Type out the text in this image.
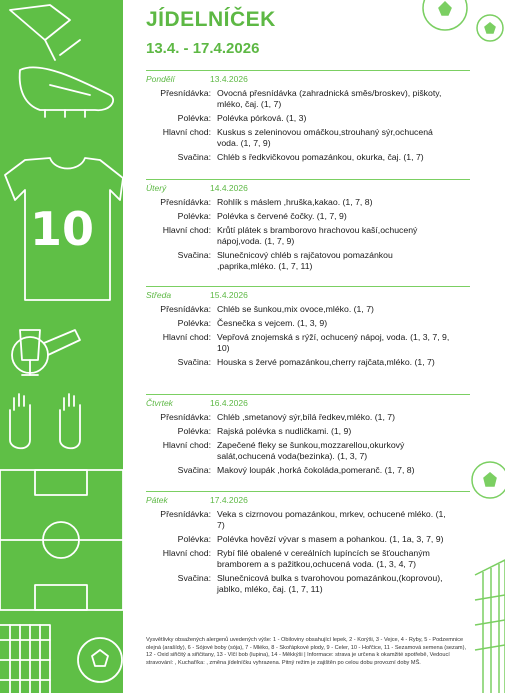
10
JÍDELNÍČEK
13.4. - 17.4.2026
Pondělí	13.4.2026
Přesnídávka: Ovocná přesnídávka (zahradnická směs/broskev), piškoty, mléko, čaj. (1, 7)
Polévka: Polévka pórková. (1, 3)
Hlavní chod: Kuskus s zeleninovou omáčkou,strouhaný sýr,ochucená voda. (1, 7, 9)
Svačina: Chléb s ředkvičkovou pomazánkou, okurka, čaj. (1, 7)
Úterý	14.4.2026
Přesnídávka: Rohlík s máslem ,hruška,kakao. (1, 7, 8)
Polévka: Polévka s červené čočky. (1, 7, 9)
Hlavní chod: Krůtí plátek s bramborovo hrachovou kaší,ochucený nápoj,voda. (1, 7, 9)
Svačina: Slunečnicový chléb s rajčatovou pomazánkou ,paprika,mléko. (1, 7, 11)
Středa	15.4.2026
Přesnídávka: Chléb se šunkou,mix ovoce,mléko. (1, 7)
Polévka: Česnečka s vejcem. (1, 3, 9)
Hlavní chod: Vepřová znojemská s rýží, ochucený nápoj, voda. (1, 3, 7, 9, 10)
Svačina: Houska s žervé pomazánkou,cherry rajčata,mléko. (1, 7)
Čtvrtek	16.4.2026
Přesnídávka: Chléb ,smetanový sýr,bílá ředkev,mléko. (1, 7)
Polévka: Rajská polévka s nudličkami. (1, 9)
Hlavní chod: Zapečené fleky se šunkou,mozzarellou,okurkový salát,ochucená voda(bezinka). (1, 3, 7)
Svačina: Makový loupák ,horká čokoláda,pomeranč. (1, 7, 8)
Pátek	17.4.2026
Přesnídávka: Veka s cizrnovou pomazánkou, mrkev, ochucené mléko. (1, 7)
Polévka: Polévka hovězí vývar s masem a pohankou. (1, 1a, 3, 7, 9)
Hlavní chod: Rybí filé obalené v cereálních lupíncích se šťouchaným bramborem a s pažitkou,ochucená voda. (1, 3, 4, 7)
Svačina: Slunečnicová bulka s tvarohovou pomazánkou,(koprovou), jablko, mléko, čaj. (1, 7, 11)
Vysvětlivky obsažených alergenů uvedených výše: 1 - Obiloviny obsahující lepek, 2 - Korýši, 3 - Vejce, 4 - Ryby, 5 - Podzemnice olejná (arašídy), 6 - Sójové boby (sója), 7 - Mléko, 8 - Skořápkové plody, 9 - Celer, 10 - Hořčice, 11 - Sezamová semena (sezam), 12 - Oxid siřičitý a siřičitany, 13 - Vlčí bob (lupina), 14 - Měkkýši | Informace: strava je určena k okamžité spotřebě, Vedoucí stravování: , Kuchař/ka: , změna jídelníčku vyhrazena. Pitný režim je zajištěn po celou dobu provozní doby MŠ.
